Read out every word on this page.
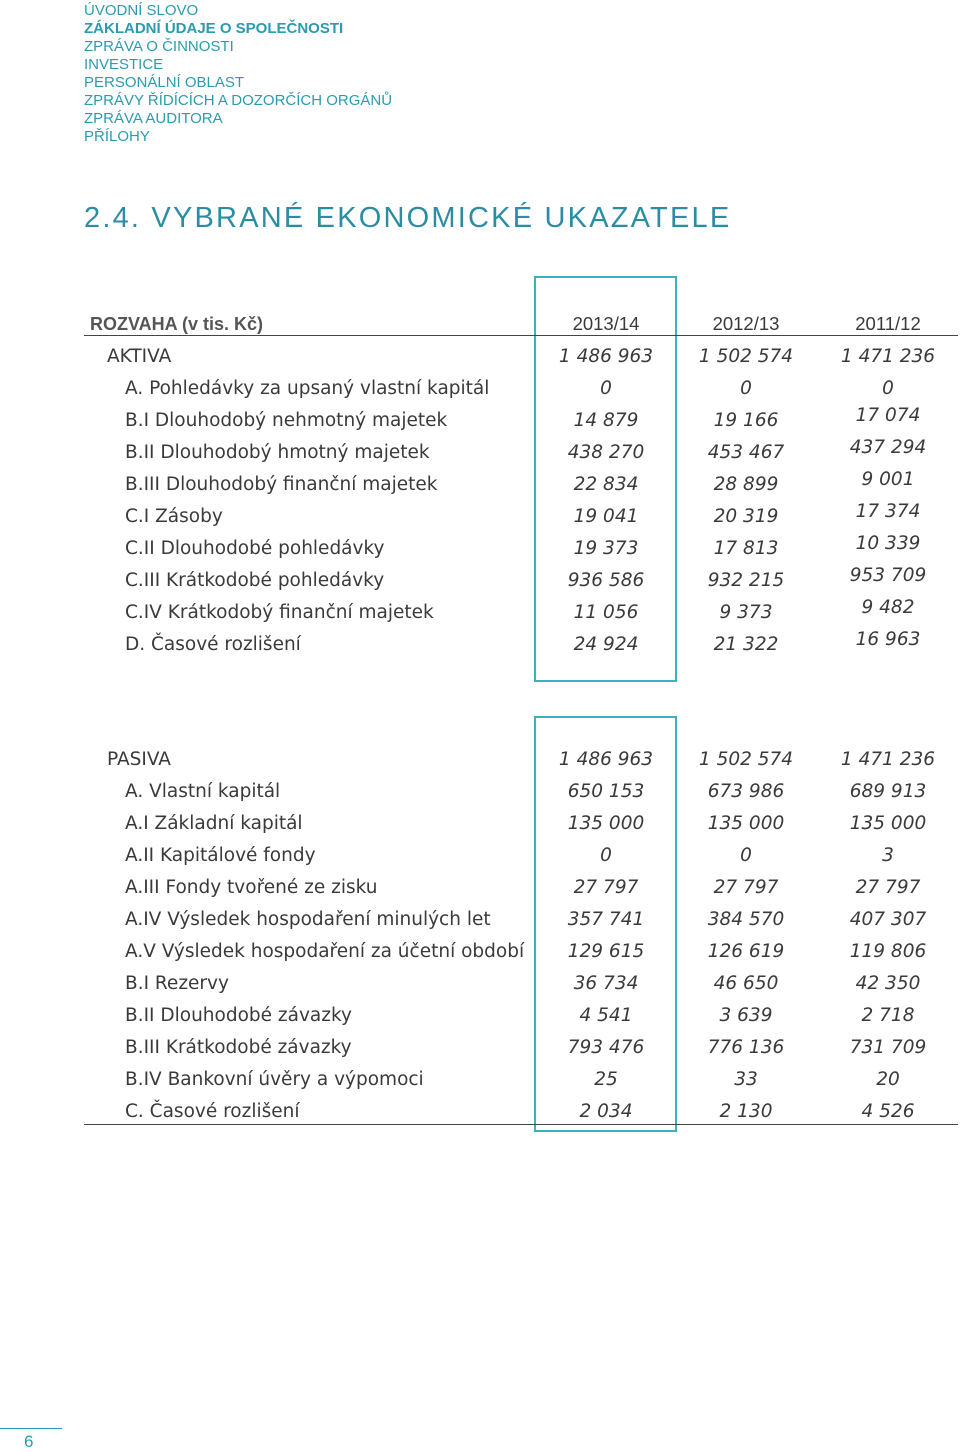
ÚVODNÍ SLOVO
ZÁKLADNÍ ÚDAJE O SPOLEČNOSTI
ZPRÁVA O ČINNOSTI
INVESTICE
PERSONÁLNÍ OBLAST
ZPRÁVY ŘÍDÍCÍCH A DOZORČÍCH ORGÁNŮ
ZPRÁVA AUDITORA
PŘÍLOHY
2.4. VYBRANÉ EKONOMICKÉ UKAZATELE
ROZVAHA (v tis. Kč)	2013/14	2012/13	2011/12
AKTIVA	1 486 963	1 502 574	1 471 236
A. Pohledávky za upsaný vlastní kapitál	0	0	0
B.I Dlouhodobý nehmotný majetek	14 879	19 166	17 074
B.II Dlouhodobý hmotný majetek	438 270	453 467	437 294
B.III Dlouhodobý finanční majetek	22 834	28 899	9 001
C.I Zásoby	19 041	20 319	17 374
C.II Dlouhodobé pohledávky	19 373	17 813	10 339
C.III Krátkodobé pohledávky	936 586	932 215	953 709
C.IV Krátkodobý finanční majetek	11 056	9 373	9 482
D. Časové rozlišení	24 924	21 322	16 963
PASIVA	1 486 963	1 502 574	1 471 236
A. Vlastní kapitál	650 153	673 986	689 913
A.I Základní kapitál	135 000	135 000	135 000
A.II Kapitálové fondy	0	0	3
A.III Fondy tvořené ze zisku	27 797	27 797	27 797
A.IV Výsledek hospodaření minulých let	357 741	384 570	407 307
A.V Výsledek hospodaření za účetní období	129 615	126 619	119 806
B.I Rezervy	36 734	46 650	42 350
B.II Dlouhodobé závazky	4 541	3 639	2 718
B.III Krátkodobé závazky	793 476	776 136	731 709
B.IV Bankovní úvěry a výpomoci	25	33	20
C. Časové rozlišení	2 034	2 130	4 526
6
